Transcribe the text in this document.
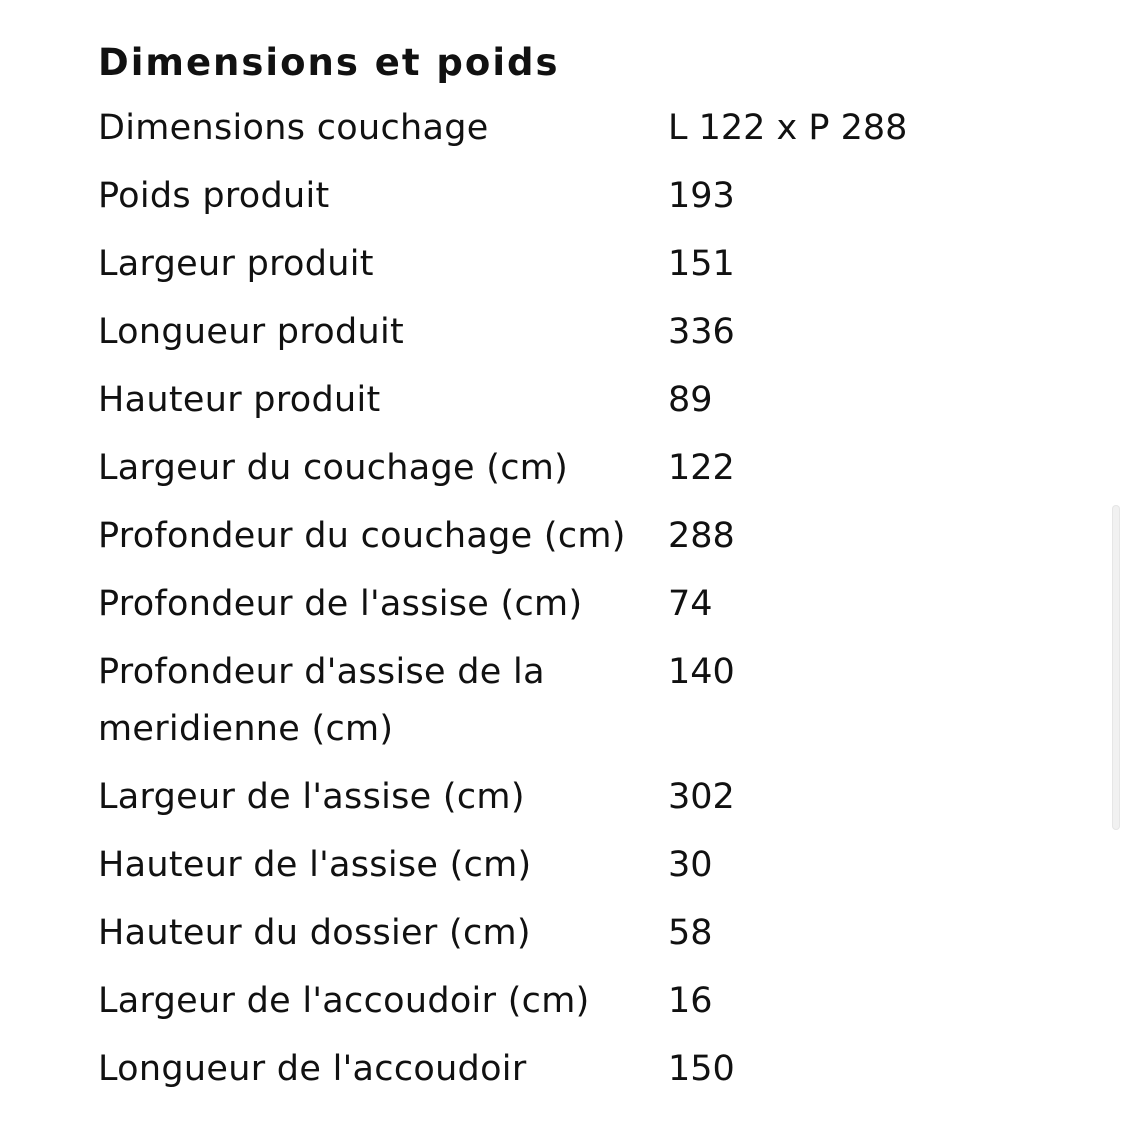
Dimensions et poids
Dimensions couchage	L 122 x P 288
Poids produit	193
Largeur produit	151
Longueur produit	336
Hauteur produit	89
Largeur du couchage (cm)	122
Profondeur du couchage (cm)	288
Profondeur de l'assise (cm)	74
Profondeur d'assise de la meridienne (cm)	140
Largeur de l'assise (cm)	302
Hauteur de l'assise (cm)	30
Hauteur du dossier (cm)	58
Largeur de l'accoudoir (cm)	16
Longueur de l'accoudoir	150
